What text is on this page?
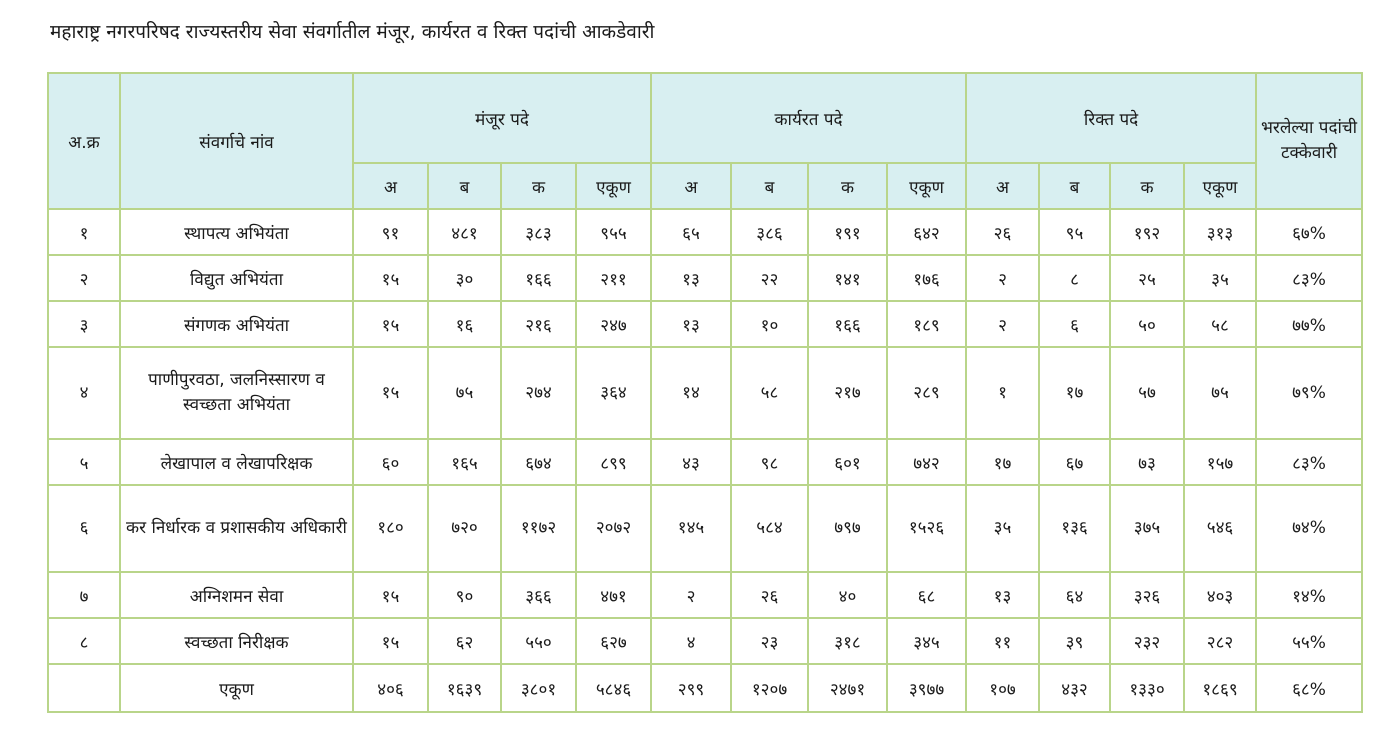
महाराष्ट्र नगरपरिषद राज्यस्तरीय सेवा संवर्गातील मंजूर, कार्यरत व रिक्त पदांची आकडेवारी
अ.क्र	संवर्गाचे नांव	मंजूर पदे				कार्यरत पदे				रिक्त पदे				भरलेल्या पदांची टक्केवारी
		अ	ब	क	एकूण	अ	ब	क	एकूण	अ	ब	क	एकूण	
१	स्थापत्य अभियंता	९१	४८१	३८३	९५५	६५	३८६	१९१	६४२	२६	९५	१९२	३१३	६७%
२	विद्युत अभियंता	१५	३०	१६६	२११	१३	२२	१४१	१७६	२	८	२५	३५	८३%
३	संगणक अभियंता	१५	१६	२१६	२४७	१३	१०	१६६	१८९	२	६	५०	५८	७७%
४	पाणीपुरवठा, जलनिस्सारण व स्वच्छता अभियंता	१५	७५	२७४	३६४	१४	५८	२१७	२८९	१	१७	५७	७५	७९%
५	लेखापाल व लेखापरिक्षक	६०	१६५	६७४	८९९	४३	९८	६०१	७४२	१७	६७	७३	१५७	८३%
६	कर निर्धारक व प्रशासकीय अधिकारी	१८०	७२०	११७२	२०७२	१४५	५८४	७९७	१५२६	३५	१३६	३७५	५४६	७४%
७	अग्निशमन सेवा	१५	९०	३६६	४७१	२	२६	४०	६८	१३	६४	३२६	४०३	१४%
८	स्वच्छता निरीक्षक	१५	६२	५५०	६२७	४	२३	३१८	३४५	११	३९	२३२	२८२	५५%
	एकूण	४०६	१६३९	३८०१	५८४६	२९९	१२०७	२४७१	३९७७	१०७	४३२	१३३०	१८६९	६८%
